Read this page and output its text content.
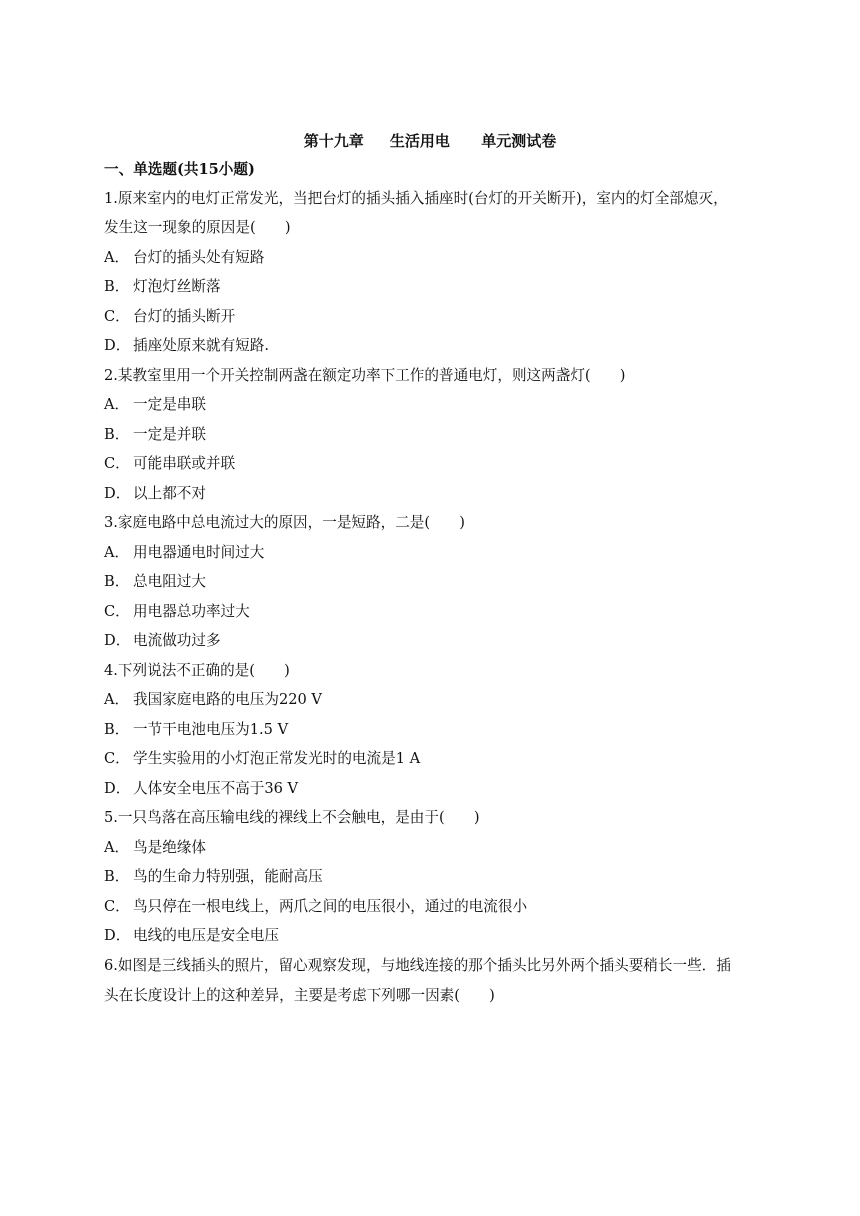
第十九章     生活用电      单元测试卷
一、单选题(共15小题)
1.原来室内的电灯正常发光，当把台灯的插头插入插座时(台灯的开关断开)，室内的灯全部熄灭，
发生这一现象的原因是(　　)
A． 台灯的插头处有短路
B． 灯泡灯丝断落
C． 台灯的插头断开
D． 插座处原来就有短路.
2.某教室里用一个开关控制两盏在额定功率下工作的普通电灯，则这两盏灯(　　)
A． 一定是串联
B． 一定是并联
C． 可能串联或并联
D． 以上都不对
3.家庭电路中总电流过大的原因，一是短路，二是(　　)
A． 用电器通电时间过大
B． 总电阻过大
C． 用电器总功率过大
D． 电流做功过多
4.下列说法不正确的是(　　)
A． 我国家庭电路的电压为220 V
B． 一节干电池电压为1.5 V
C． 学生实验用的小灯泡正常发光时的电流是1 A
D． 人体安全电压不高于36 V
5.一只鸟落在高压输电线的裸线上不会触电，是由于(　　)
A． 鸟是绝缘体
B． 鸟的生命力特别强，能耐高压
C． 鸟只停在一根电线上，两爪之间的电压很小，通过的电流很小
D． 电线的电压是安全电压
6.如图是三线插头的照片，留心观察发现，与地线连接的那个插头比另外两个插头要稍长一些．插
头在长度设计上的这种差异，主要是考虑下列哪一因素(　　)
